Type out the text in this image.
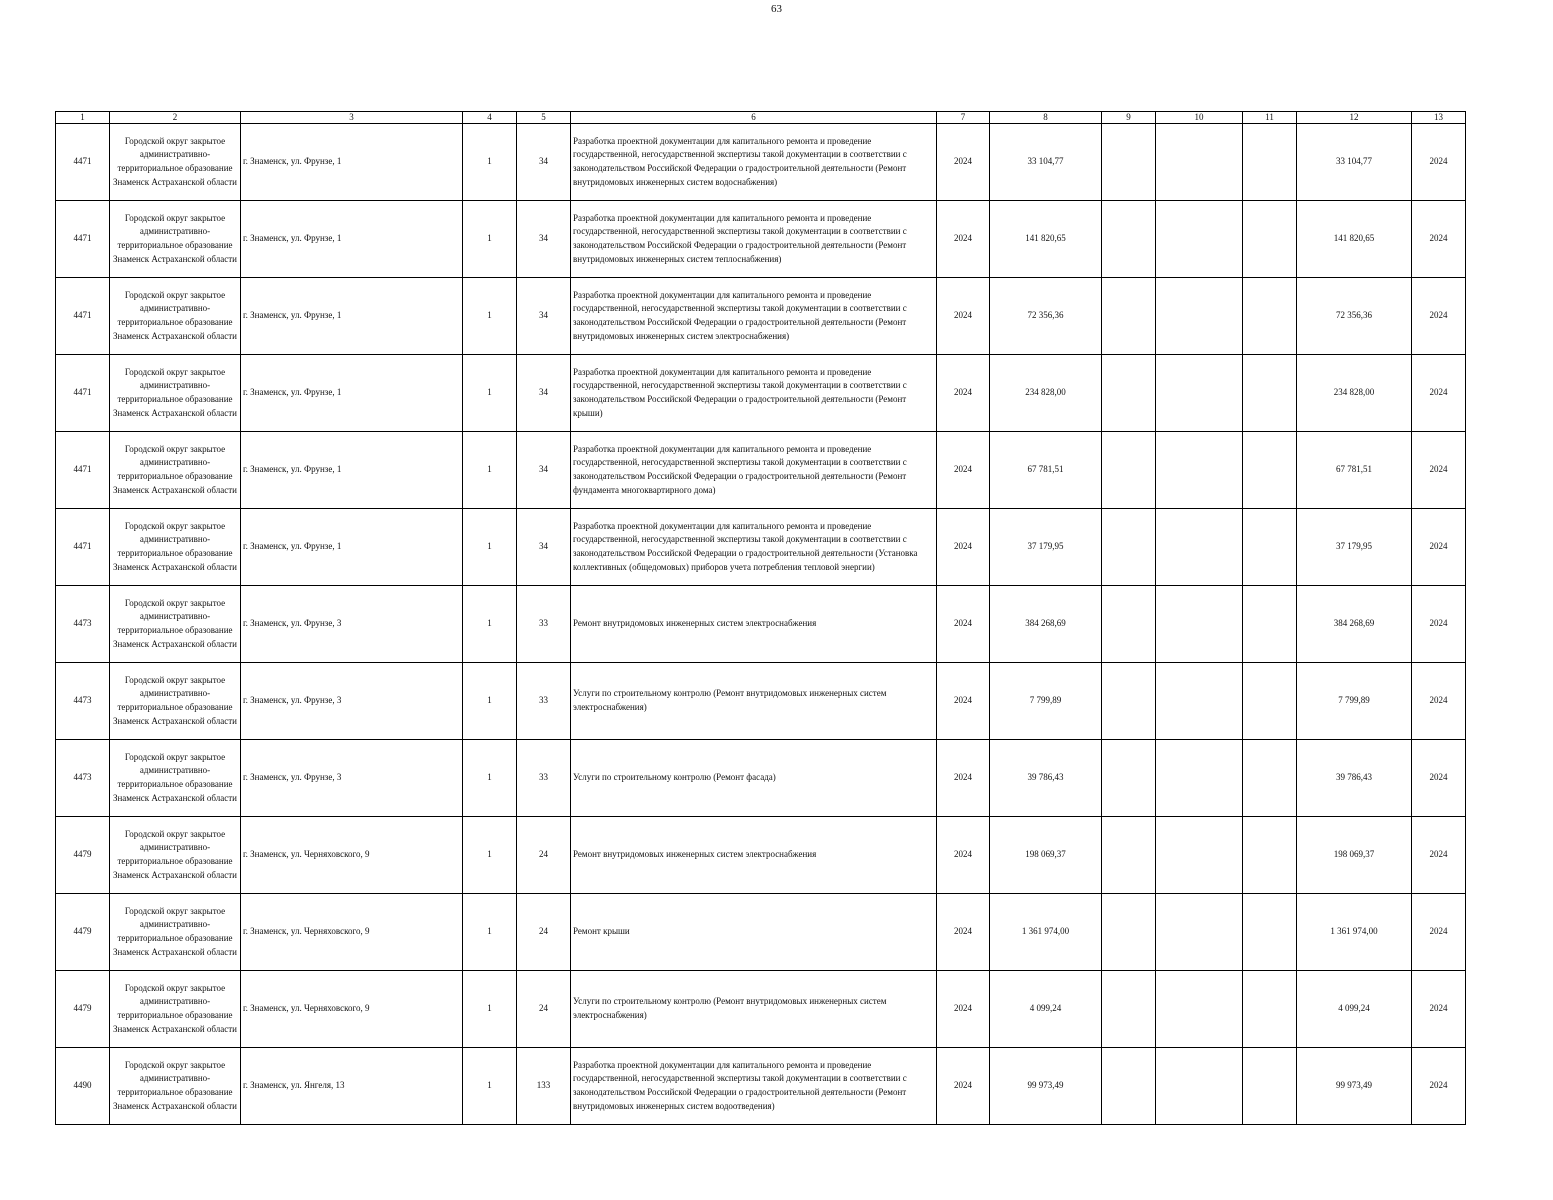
63
1	2	3	4	5	6	7	8	9	10	11	12	13
4471	Городской округ закрытое административно-территориальное образование Знаменск Астраханской области	г. Знаменск, ул. Фрунзе, 1	1	34	Разработка проектной документации для капитального ремонта и проведение государственной, негосударственной экспертизы такой документации в соответствии с законодательством Российской Федерации о градостроительной деятельности (Ремонт внутридомовых инженерных систем водоснабжения)	2024	33 104,77				33 104,77	2024
4471	Городской округ закрытое административно-территориальное образование Знаменск Астраханской области	г. Знаменск, ул. Фрунзе, 1	1	34	Разработка проектной документации для капитального ремонта и проведение государственной, негосударственной экспертизы такой документации в соответствии с законодательством Российской Федерации о градостроительной деятельности (Ремонт внутридомовых инженерных систем теплоснабжения)	2024	141 820,65				141 820,65	2024
4471	Городской округ закрытое административно-территориальное образование Знаменск Астраханской области	г. Знаменск, ул. Фрунзе, 1	1	34	Разработка проектной документации для капитального ремонта и проведение государственной, негосударственной экспертизы такой документации в соответствии с законодательством Российской Федерации о градостроительной деятельности (Ремонт внутридомовых инженерных систем электроснабжения)	2024	72 356,36				72 356,36	2024
4471	Городской округ закрытое административно-территориальное образование Знаменск Астраханской области	г. Знаменск, ул. Фрунзе, 1	1	34	Разработка проектной документации для капитального ремонта и проведение государственной, негосударственной экспертизы такой документации в соответствии с законодательством Российской Федерации о градостроительной деятельности (Ремонт крыши)	2024	234 828,00				234 828,00	2024
4471	Городской округ закрытое административно-территориальное образование Знаменск Астраханской области	г. Знаменск, ул. Фрунзе, 1	1	34	Разработка проектной документации для капитального ремонта и проведение государственной, негосударственной экспертизы такой документации в соответствии с законодательством Российской Федерации о градостроительной деятельности (Ремонт фундамента многоквартирного дома)	2024	67 781,51				67 781,51	2024
4471	Городской округ закрытое административно-территориальное образование Знаменск Астраханской области	г. Знаменск, ул. Фрунзе, 1	1	34	Разработка проектной документации для капитального ремонта и проведение государственной, негосударственной экспертизы такой документации в соответствии с законодательством Российской Федерации о градостроительной деятельности (Установка коллективных (общедомовых) приборов учета потребления тепловой энергии)	2024	37 179,95				37 179,95	2024
4473	Городской округ закрытое административно-территориальное образование Знаменск Астраханской области	г. Знаменск, ул. Фрунзе, 3	1	33	Ремонт внутридомовых инженерных систем электроснабжения	2024	384 268,69				384 268,69	2024
4473	Городской округ закрытое административно-территориальное образование Знаменск Астраханской области	г. Знаменск, ул. Фрунзе, 3	1	33	Услуги по строительному контролю (Ремонт внутридомовых инженерных систем электроснабжения)	2024	7 799,89				7 799,89	2024
4473	Городской округ закрытое административно-территориальное образование Знаменск Астраханской области	г. Знаменск, ул. Фрунзе, 3	1	33	Услуги по строительному контролю (Ремонт фасада)	2024	39 786,43				39 786,43	2024
4479	Городской округ закрытое административно-территориальное образование Знаменск Астраханской области	г. Знаменск, ул. Черняховского, 9	1	24	Ремонт внутридомовых инженерных систем электроснабжения	2024	198 069,37				198 069,37	2024
4479	Городской округ закрытое административно-территориальное образование Знаменск Астраханской области	г. Знаменск, ул. Черняховского, 9	1	24	Ремонт крыши	2024	1 361 974,00				1 361 974,00	2024
4479	Городской округ закрытое административно-территориальное образование Знаменск Астраханской области	г. Знаменск, ул. Черняховского, 9	1	24	Услуги по строительному контролю (Ремонт внутридомовых инженерных систем электроснабжения)	2024	4 099,24				4 099,24	2024
4490	Городской округ закрытое административно-территориальное образование Знаменск Астраханской области	г. Знаменск, ул. Янгеля, 13	1	133	Разработка проектной документации для капитального ремонта и проведение государственной, негосударственной экспертизы такой документации в соответствии с законодательством Российской Федерации о градостроительной деятельности (Ремонт внутридомовых инженерных систем водоотведения)	2024	99 973,49				99 973,49	2024
